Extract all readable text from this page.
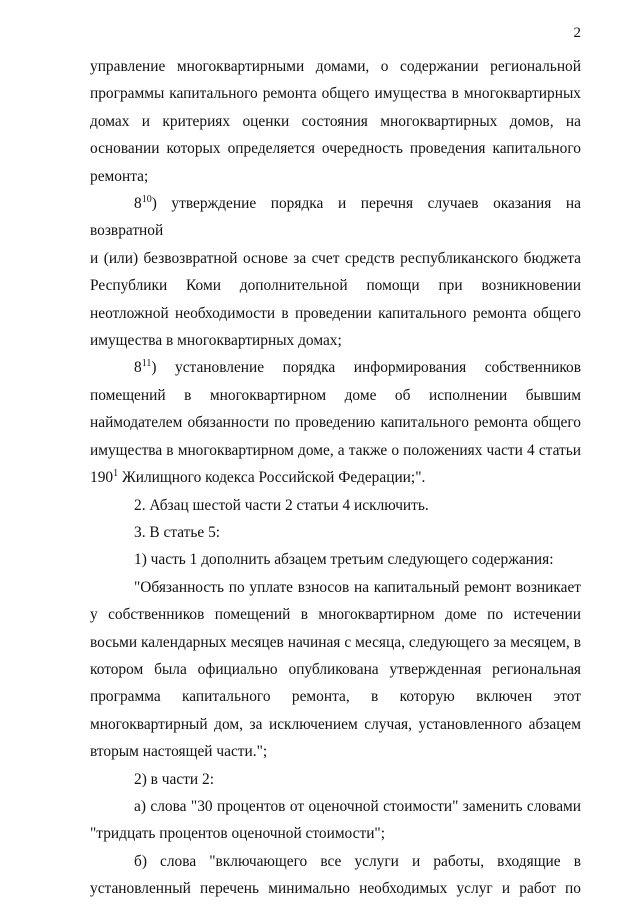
2
управление многоквартирными домами, о содержании региональной
программы капитального ремонта общего имущества в многоквартирных
домах и критериях оценки состояния многоквартирных домов, на
основании которых определяется очередность проведения капитального
ремонта;
$8^{10}$) утверждение порядка и перечня случаев оказания на возвратной
и (или) безвозвратной основе за счет средств республиканского бюджета
Республики Коми дополнительной помощи при возникновении
неотложной необходимости в проведении капитального ремонта общего
имущества в многоквартирных домах;
$8^{11}$) установление порядка информирования собственников
помещений в многоквартирном доме об исполнении бывшим
наймодателем обязанности по проведению капитального ремонта общего
имущества в многоквартирном доме, а также о положениях части 4 статьи
$190^1$ Жилищного кодекса Российской Федерации;".
2. Абзац шестой части 2 статьи 4 исключить.
3. В статье 5:
1) часть 1 дополнить абзацем третьим следующего содержания:
"Обязанность по уплате взносов на капитальный ремонт возникает
у собственников помещений в многоквартирном доме по истечении
восьми календарных месяцев начиная с месяца, следующего за месяцем, в
котором была официально опубликована утвержденная региональная
программа капитального ремонта, в которую включен этот
многоквартирный дом, за исключением случая, установленного абзацем
вторым настоящей части.";
2) в части 2:
а) слова "30 процентов от оценочной стоимости" заменить словами
"тридцать процентов оценочной стоимости";
б) слова "включающего все услуги и работы, входящие в
установленный перечень минимально необходимых услуг и работ по
